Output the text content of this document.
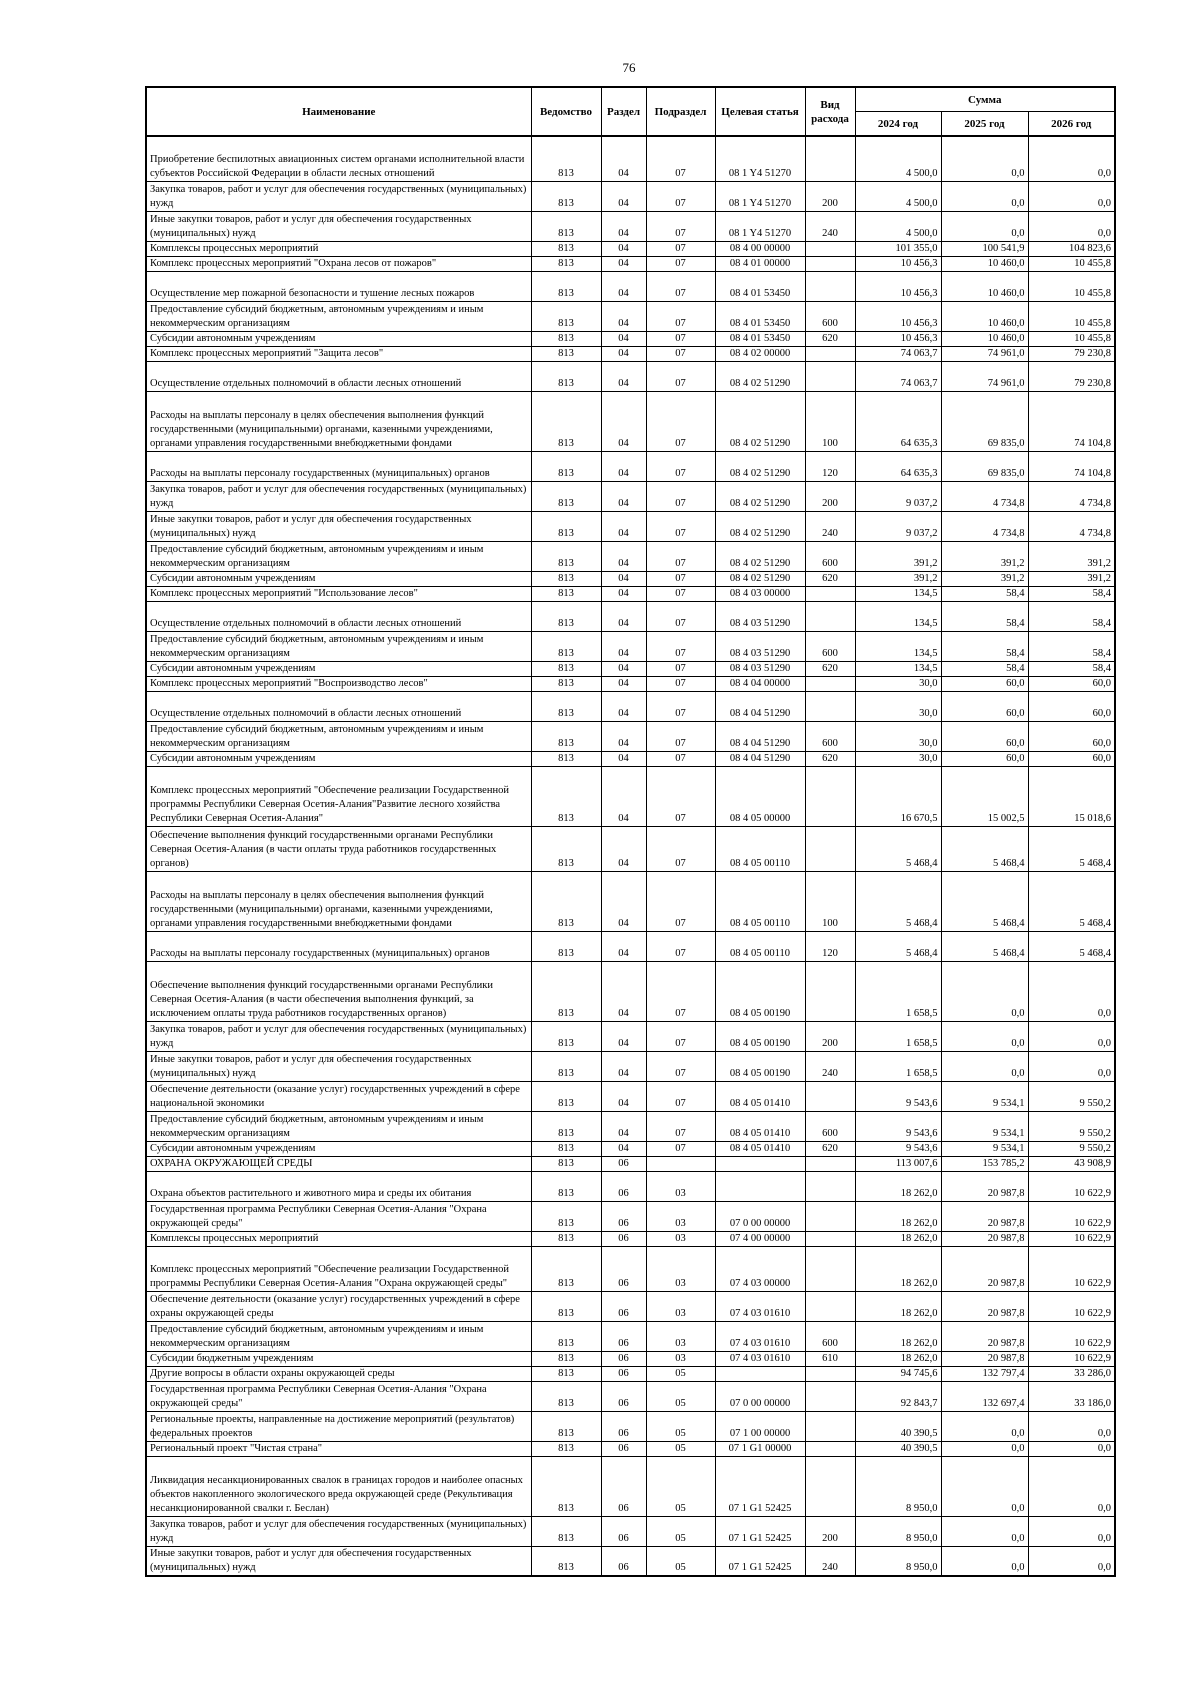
76
Наименование	Ведомство	Раздел	Подраздел	Целевая статья	Вид расхода	Сумма		
						2024 год	2025 год	2026 год
Приобретение беспилотных авиационных систем органами исполнительной власти субъектов Российской Федерации в области лесных отношений	813	04	07	08 1 Y4 51270		4 500,0	0,0	0,0
Закупка товаров, работ и услуг для обеспечения государственных (муниципальных) нужд	813	04	07	08 1 Y4 51270	200	4 500,0	0,0	0,0
Иные закупки товаров, работ и услуг для обеспечения государственных (муниципальных) нужд	813	04	07	08 1 Y4 51270	240	4 500,0	0,0	0,0
Комплексы процессных мероприятий	813	04	07	08 4 00 00000		101 355,0	100 541,9	104 823,6
Комплекс процессных мероприятий "Охрана лесов от пожаров"	813	04	07	08 4 01 00000		10 456,3	10 460,0	10 455,8
Осуществление мер пожарной безопасности и тушение лесных пожаров	813	04	07	08 4 01 53450		10 456,3	10 460,0	10 455,8
Предоставление субсидий бюджетным, автономным учреждениям и иным некоммерческим организациям	813	04	07	08 4 01 53450	600	10 456,3	10 460,0	10 455,8
Субсидии автономным учреждениям	813	04	07	08 4 01 53450	620	10 456,3	10 460,0	10 455,8
Комплекс процессных мероприятий "Защита лесов"	813	04	07	08 4 02 00000		74 063,7	74 961,0	79 230,8
Осуществление отдельных полномочий в области лесных отношений	813	04	07	08 4 02 51290		74 063,7	74 961,0	79 230,8
Расходы на выплаты персоналу в целях обеспечения выполнения функций государственными (муниципальными) органами, казенными учреждениями, органами управления государственными внебюджетными фондами	813	04	07	08 4 02 51290	100	64 635,3	69 835,0	74 104,8
Расходы на выплаты персоналу государственных (муниципальных) органов	813	04	07	08 4 02 51290	120	64 635,3	69 835,0	74 104,8
Закупка товаров, работ и услуг для обеспечения государственных (муниципальных) нужд	813	04	07	08 4 02 51290	200	9 037,2	4 734,8	4 734,8
Иные закупки товаров, работ и услуг для обеспечения государственных (муниципальных) нужд	813	04	07	08 4 02 51290	240	9 037,2	4 734,8	4 734,8
Предоставление субсидий бюджетным, автономным учреждениям и иным некоммерческим организациям	813	04	07	08 4 02 51290	600	391,2	391,2	391,2
Субсидии автономным учреждениям	813	04	07	08 4 02 51290	620	391,2	391,2	391,2
Комплекс процессных мероприятий "Использование лесов"	813	04	07	08 4 03 00000		134,5	58,4	58,4
Осуществление отдельных полномочий в области лесных отношений	813	04	07	08 4 03 51290		134,5	58,4	58,4
Предоставление субсидий бюджетным, автономным учреждениям и иным некоммерческим организациям	813	04	07	08 4 03 51290	600	134,5	58,4	58,4
Субсидии автономным учреждениям	813	04	07	08 4 03 51290	620	134,5	58,4	58,4
Комплекс процессных мероприятий "Воспроизводство лесов"	813	04	07	08 4 04 00000		30,0	60,0	60,0
Осуществление отдельных полномочий в области лесных отношений	813	04	07	08 4 04 51290		30,0	60,0	60,0
Предоставление субсидий бюджетным, автономным учреждениям и иным некоммерческим организациям	813	04	07	08 4 04 51290	600	30,0	60,0	60,0
Субсидии автономным учреждениям	813	04	07	08 4 04 51290	620	30,0	60,0	60,0
Комплекс процессных мероприятий "Обеспечение реализации Государственной программы Республики Северная Осетия-Алания"Развитие лесного хозяйства Республики Северная Осетия-Алания"	813	04	07	08 4 05 00000		16 670,5	15 002,5	15 018,6
Обеспечение выполнения функций государственными органами Республики Северная Осетия-Алания (в части оплаты труда работников государственных органов)	813	04	07	08 4 05 00110		5 468,4	5 468,4	5 468,4
Расходы на выплаты персоналу в целях обеспечения выполнения функций государственными (муниципальными) органами, казенными учреждениями, органами управления государственными внебюджетными фондами	813	04	07	08 4 05 00110	100	5 468,4	5 468,4	5 468,4
Расходы на выплаты персоналу государственных (муниципальных) органов	813	04	07	08 4 05 00110	120	5 468,4	5 468,4	5 468,4
Обеспечение выполнения функций государственными органами Республики Северная Осетия-Алания (в части обеспечения выполнения функций, за исключением оплаты труда работников государственных органов)	813	04	07	08 4 05 00190		1 658,5	0,0	0,0
Закупка товаров, работ и услуг для обеспечения государственных (муниципальных) нужд	813	04	07	08 4 05 00190	200	1 658,5	0,0	0,0
Иные закупки товаров, работ и услуг для обеспечения государственных (муниципальных) нужд	813	04	07	08 4 05 00190	240	1 658,5	0,0	0,0
Обеспечение деятельности (оказание услуг) государственных учреждений в сфере национальной экономики	813	04	07	08 4 05 01410		9 543,6	9 534,1	9 550,2
Предоставление субсидий бюджетным, автономным учреждениям и иным некоммерческим организациям	813	04	07	08 4 05 01410	600	9 543,6	9 534,1	9 550,2
Субсидии автономным учреждениям	813	04	07	08 4 05 01410	620	9 543,6	9 534,1	9 550,2
ОХРАНА ОКРУЖАЮЩЕЙ СРЕДЫ	813	06				113 007,6	153 785,2	43 908,9
Охрана объектов растительного и животного мира и среды их обитания	813	06	03			18 262,0	20 987,8	10 622,9
Государственная программа Республики Северная Осетия-Алания "Охрана окружающей среды"	813	06	03	07 0 00 00000		18 262,0	20 987,8	10 622,9
Комплексы процессных мероприятий	813	06	03	07 4 00 00000		18 262,0	20 987,8	10 622,9
Комплекс процессных мероприятий "Обеспечение реализации Государственной программы Республики Северная Осетия-Алания "Охрана окружающей среды"	813	06	03	07 4 03 00000		18 262,0	20 987,8	10 622,9
Обеспечение деятельности (оказание услуг) государственных учреждений в сфере охраны окружающей среды	813	06	03	07 4 03 01610		18 262,0	20 987,8	10 622,9
Предоставление субсидий бюджетным, автономным учреждениям и иным некоммерческим организациям	813	06	03	07 4 03 01610	600	18 262,0	20 987,8	10 622,9
Субсидии бюджетным учреждениям	813	06	03	07 4 03 01610	610	18 262,0	20 987,8	10 622,9
Другие вопросы в области охраны окружающей среды	813	06	05			94 745,6	132 797,4	33 286,0
Государственная программа Республики Северная Осетия-Алания "Охрана окружающей среды"	813	06	05	07 0 00 00000		92 843,7	132 697,4	33 186,0
Региональные проекты, направленные на достижение мероприятий (результатов) федеральных проектов	813	06	05	07 1 00 00000		40 390,5	0,0	0,0
Региональный проект "Чистая страна"	813	06	05	07 1 G1 00000		40 390,5	0,0	0,0
Ликвидация несанкционированных свалок в границах городов и наиболее опасных объектов накопленного экологического вреда окружающей среде (Рекультивация несанкционированной свалки г. Беслан)	813	06	05	07 1 G1 52425		8 950,0	0,0	0,0
Закупка товаров, работ и услуг для обеспечения государственных (муниципальных) нужд	813	06	05	07 1 G1 52425	200	8 950,0	0,0	0,0
Иные закупки товаров, работ и услуг для обеспечения государственных (муниципальных) нужд	813	06	05	07 1 G1 52425	240	8 950,0	0,0	0,0
